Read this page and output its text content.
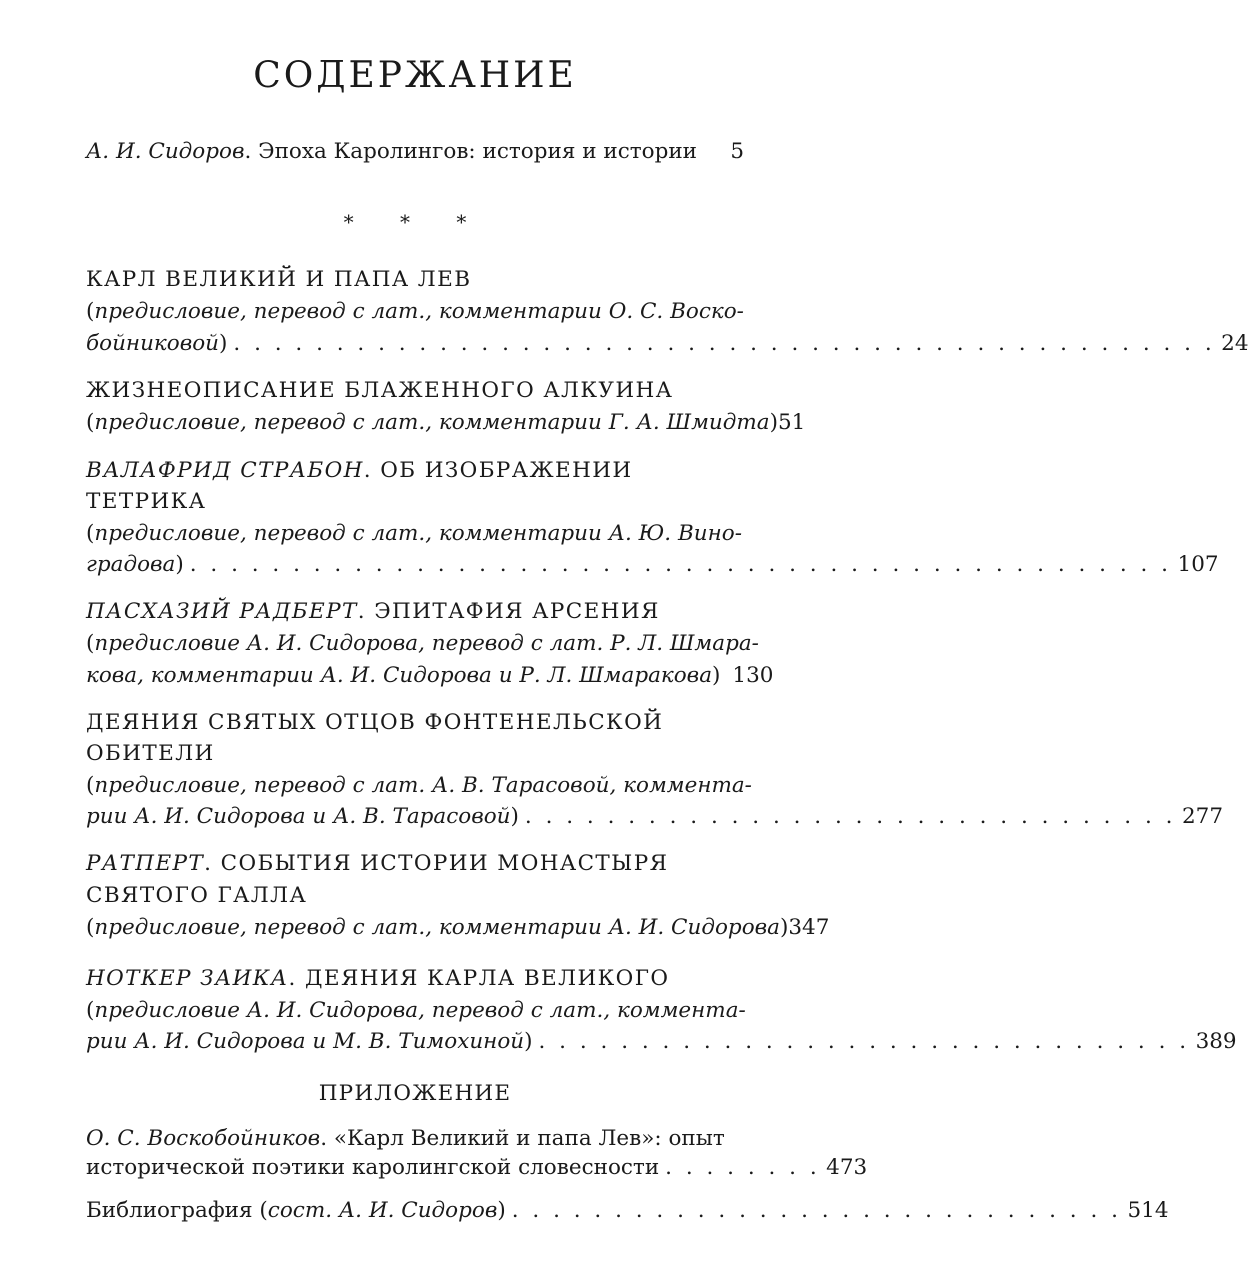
СОДЕРЖАНИЕ
А. И. Сидоров. Эпоха Каролингов: история и истории 5
* * *
КАРЛ ВЕЛИКИЙ И ПАПА ЛЕВ
(предисловие, перевод с лат., комментарии О. С. Воско-
бойниковой) . . . . . . . . . . . . . . . . . . . . . . . . . . . . . . . . . . . . . . . . . . . . . . . . 24
ЖИЗНЕОПИСАНИЕ БЛАЖЕННОГО АЛКУИНА
(предисловие, перевод с лат., комментарии Г. А. Шмидта) 51
ВАЛАФРИД СТРАБОН. ОБ ИЗОБРАЖЕНИИ
ТЕТРИКА
(предисловие, перевод с лат., комментарии А. Ю. Вино-
градова) . . . . . . . . . . . . . . . . . . . . . . . . . . . . . . . . . . . . . . . . . . . . . . . . 107
ПАСХАЗИЙ РАДБЕРТ. ЭПИТАФИЯ АРСЕНИЯ
(предисловие А. И. Сидорова, перевод с лат. Р. Л. Шмара-
кова, комментарии А. И. Сидорова и Р. Л. Шмаракова) 130
ДЕЯНИЯ СВЯТЫХ ОТЦОВ ФОНТЕНЕЛЬСКОЙ
ОБИТЕЛИ
(предисловие, перевод с лат. А. В. Тарасовой, коммента-
рии А. И. Сидорова и А. В. Тарасовой) . . . . . . . . . . . . . . . . . . . . . . . . . . . . . . . . 277
РАТПЕРТ. СОБЫТИЯ ИСТОРИИ МОНАСТЫРЯ
СВЯТОГО ГАЛЛА
(предисловие, перевод с лат., комментарии А. И. Сидорова) 347
НОТКЕР ЗАИКА. ДЕЯНИЯ КАРЛА ВЕЛИКОГО
(предисловие А. И. Сидорова, перевод с лат., коммента-
рии А. И. Сидорова и М. В. Тимохиной) . . . . . . . . . . . . . . . . . . . . . . . . . . . . . . . . 389
ПРИЛОЖЕНИЕ
О. С. Воскобойников. «Карл Великий и папа Лев»: опыт
исторической поэтики каролингской словесности . . . . . . . . 473
Библиография (сост. А. И. Сидоров) . . . . . . . . . . . . . . . . . . . . . . . . . . . . . . 514
